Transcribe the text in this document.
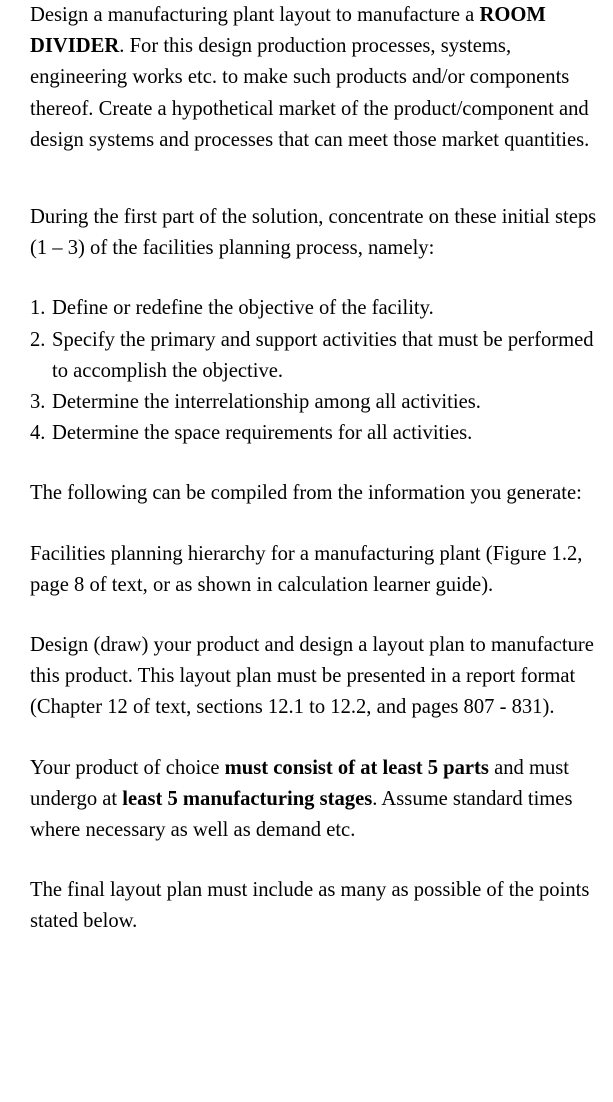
Design a manufacturing plant layout to manufacture a ROOM DIVIDER. For this design production processes, systems, engineering works etc. to make such products and/or components thereof. Create a hypothetical market of the product/component and design systems and processes that can meet those market quantities.

During the first part of the solution, concentrate on these initial steps (1 – 3) of the facilities planning process, namely:

1. Define or redefine the objective of the facility.
2. Specify the primary and support activities that must be performed to accomplish the objective.
3. Determine the interrelationship among all activities.
4. Determine the space requirements for all activities.

The following can be compiled from the information you generate:

Facilities planning hierarchy for a manufacturing plant (Figure 1.2, page 8 of text, or as shown in calculation learner guide).

Design (draw) your product and design a layout plan to manufacture this product. This layout plan must be presented in a report format (Chapter 12 of text, sections 12.1 to 12.2, and pages 807 - 831).

Your product of choice must consist of at least 5 parts and must undergo at least 5 manufacturing stages. Assume standard times where necessary as well as demand etc.

The final layout plan must include as many as possible of the points stated below.
